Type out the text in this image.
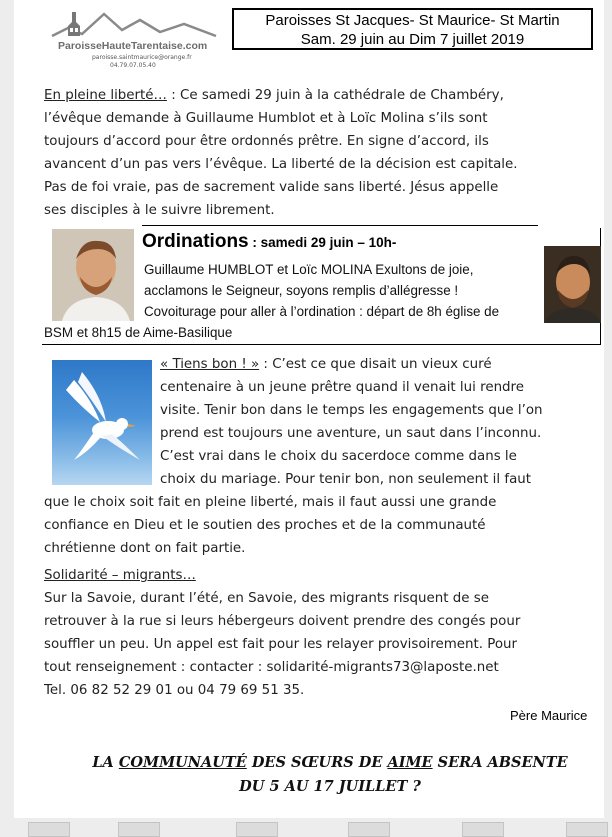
ParoisseHauteTarentaise.com
paroisse.saintmaurice@orange.fr
04.79.07.05.40
Paroisses St Jacques- St Maurice- St Martin
Sam. 29 juin au Dim 7 juillet 2019
En pleine liberté… : Ce samedi 29 juin à la cathédrale de Chambéry,
l’évêque demande à Guillaume Humblot et à Loïc Molina s’ils sont
toujours d’accord pour être ordonnés prêtre. En signe d’accord, ils
avancent d’un pas vers l’évêque. La liberté de la décision est capitale.
Pas de foi vraie, pas de sacrement valide sans liberté. Jésus appelle
ses disciples à le suivre librement.
Ordinations : samedi 29 juin – 10h-
Guillaume HUMBLOT et Loïc MOLINA Exultons de joie,
acclamons le Seigneur, soyons remplis d’allégresse !
Covoiturage pour aller à l’ordination : départ de 8h église de
BSM et 8h15 de Aime-Basilique
« Tiens bon ! » : C’est ce que disait un vieux curé
centenaire à un jeune prêtre quand il venait lui rendre
visite. Tenir bon dans le temps les engagements que l’on
prend est toujours une aventure, un saut dans l’inconnu.
C’est vrai dans le choix du sacerdoce comme dans le
choix du mariage. Pour tenir bon, non seulement il faut
que le choix soit fait en pleine liberté, mais il faut aussi une grande
confiance en Dieu et le soutien des proches et de la communauté
chrétienne dont on fait partie.
Solidarité – migrants…
Sur la Savoie, durant l’été, en Savoie, des migrants risquent de se
retrouver à la rue si leurs hébergeurs doivent prendre des congés pour
souffler un peu. Un appel est fait pour les relayer provisoirement. Pour
tout renseignement : contacter : solidarité-migrants73@laposte.net
Tel. 06 82 52 29 01 ou 04 79 69 51 35.
Père Maurice
LA COMMUNAUTÉ DES SŒURS DE AIME SERA ABSENTE
DU 5 AU 17 JUILLET ?
